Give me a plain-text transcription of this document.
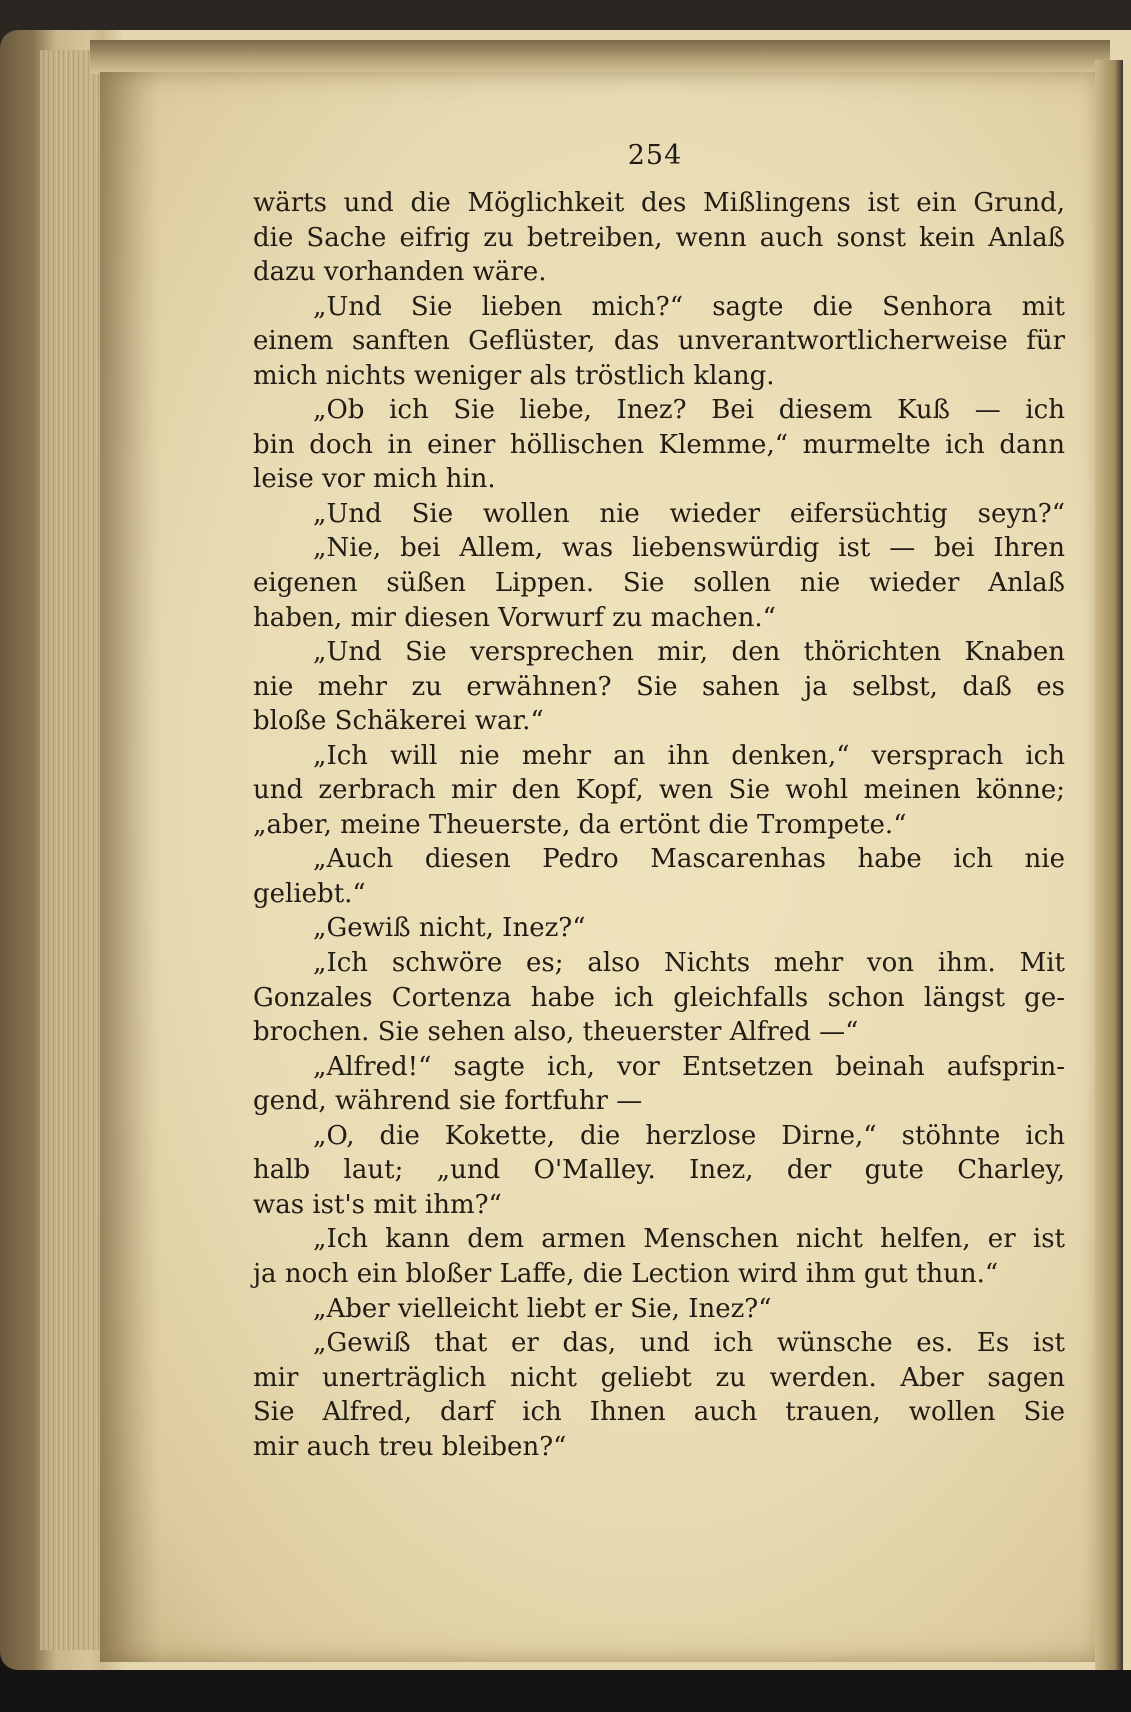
254
wärts und die Möglichkeit des Mißlingens ist ein Grund,
die Sache eifrig zu betreiben, wenn auch sonst kein Anlaß
dazu vorhanden wäre.
„Und Sie lieben mich?“ sagte die Senhora mit
einem sanften Geflüster, das unverantwortlicherweise für
mich nichts weniger als tröstlich klang.
„Ob ich Sie liebe, Inez? Bei diesem Kuß — ich
bin doch in einer höllischen Klemme,“ murmelte ich dann
leise vor mich hin.
„Und Sie wollen nie wieder eifersüchtig seyn?“
„Nie, bei Allem, was liebenswürdig ist — bei Ihren
eigenen süßen Lippen. Sie sollen nie wieder Anlaß
haben, mir diesen Vorwurf zu machen.“
„Und Sie versprechen mir, den thörichten Knaben
nie mehr zu erwähnen? Sie sahen ja selbst, daß es
bloße Schäkerei war.“
„Ich will nie mehr an ihn denken,“ versprach ich
und zerbrach mir den Kopf, wen Sie wohl meinen könne;
„aber, meine Theuerste, da ertönt die Trompete.“
„Auch diesen Pedro Mascarenhas habe ich nie
geliebt.“
„Gewiß nicht, Inez?“
„Ich schwöre es; also Nichts mehr von ihm. Mit
Gonzales Cortenza habe ich gleichfalls schon längst ge-
brochen. Sie sehen also, theuerster Alfred —“
„Alfred!“ sagte ich, vor Entsetzen beinah aufsprin-
gend, während sie fortfuhr —
„O, die Kokette, die herzlose Dirne,“ stöhnte ich
halb laut; „und O'Malley. Inez, der gute Charley,
was ist's mit ihm?“
„Ich kann dem armen Menschen nicht helfen, er ist
ja noch ein bloßer Laffe, die Lection wird ihm gut thun.“
„Aber vielleicht liebt er Sie, Inez?“
„Gewiß that er das, und ich wünsche es. Es ist
mir unerträglich nicht geliebt zu werden. Aber sagen
Sie Alfred, darf ich Ihnen auch trauen, wollen Sie
mir auch treu bleiben?“
